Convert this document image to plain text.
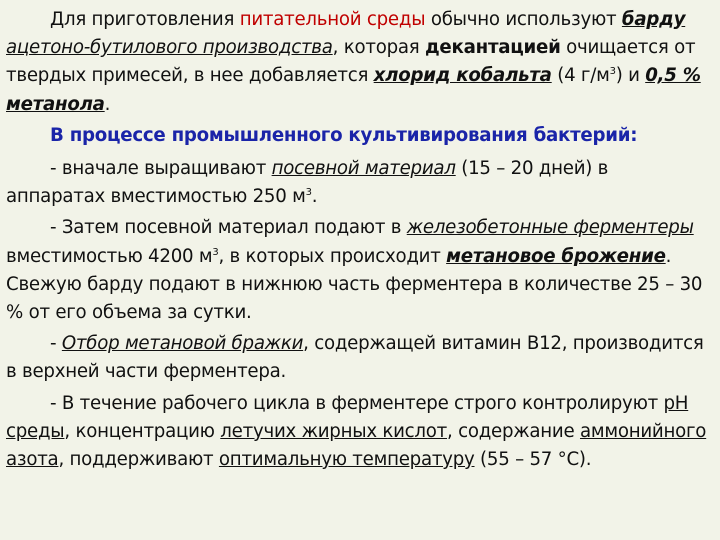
Для приготовления питательной среды обычно используют барду ацетоно-бутилового производства, которая декантацией очищается от твердых примесей, в нее добавляется хлорид кобальта (4 $г/м^3$) и 0,5 % метанола.

В процессе промышленного культивирования бактерий:

- вначале выращивают посевной материал (15 – 20 дней) в аппаратах вместимостью 250 $м^3$.

- Затем посевной материал подают в железобетонные ферментеры вместимостью 4200 $м^3$, в которых происходит метановое брожение. Свежую барду подают в нижнюю часть ферментера в количестве 25 – 30 % от его объема за сутки.

- Отбор метановой бражки, содержащей витамин В12, производится в верхней части ферментера.

- В течение рабочего цикла в ферментере строго контролируют рН среды, концентрацию летучих жирных кислот, содержание аммонийного азота, поддерживают оптимальную температуру (55 – 57 °С).
